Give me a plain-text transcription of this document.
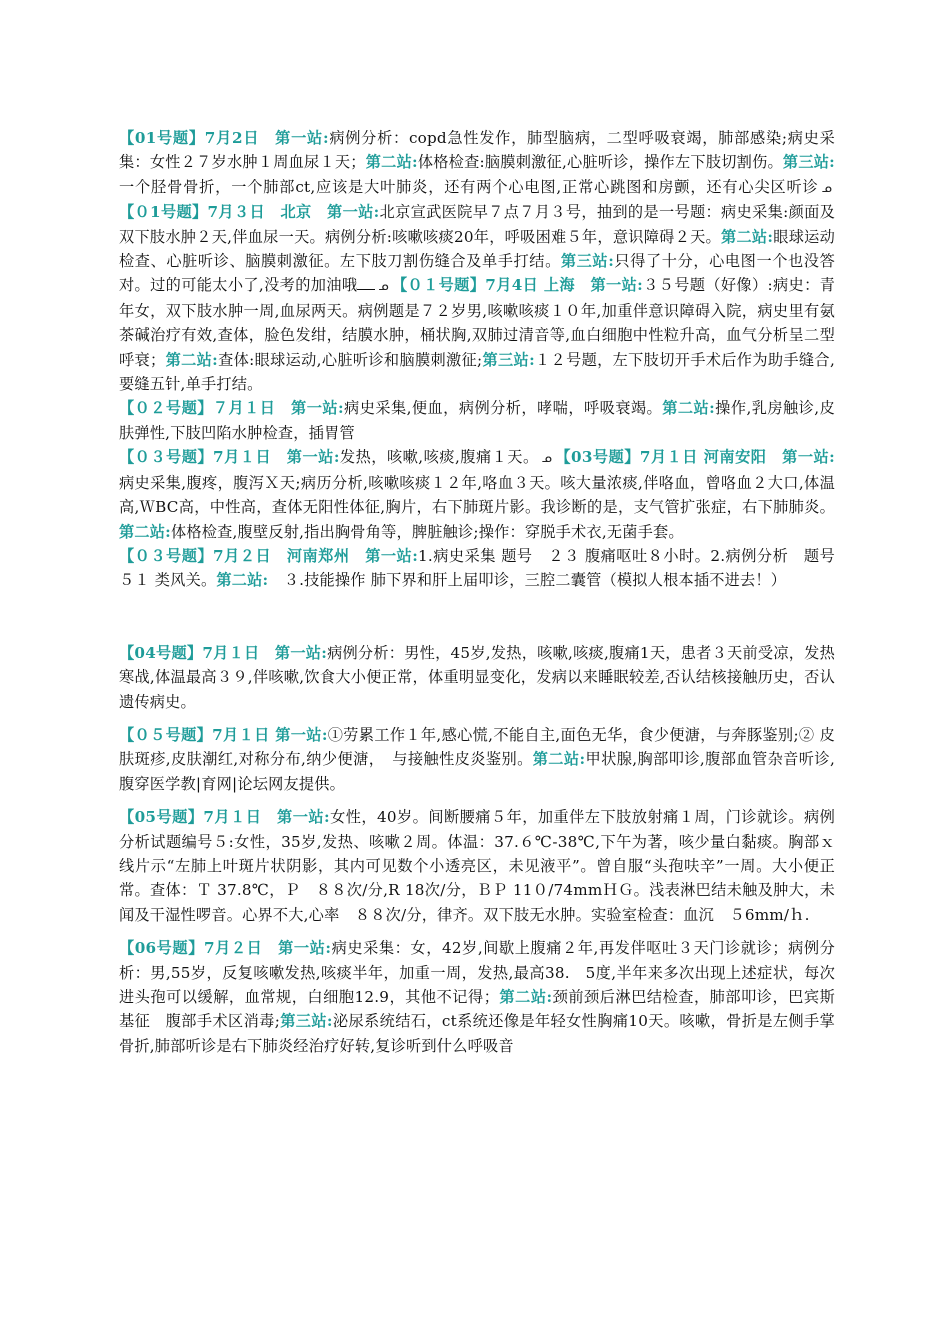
【01号题】7月2日　第一站:病例分析：copd急性发作，肺型脑病，二型呼吸衰竭，肺部感染;病史采集：女性２７岁水肿１周血尿１天；第二站:体格检查:脑膜刺激征,心脏听诊，操作左下肢切割伤。第三站:一个胫骨骨折，一个肺部ct,应该是大叶肺炎，还有两个心电图,正常心跳图和房颤，还有心尖区听诊 ᓄ【０1号题】7月３日　北京　第一站:北京宣武医院早７点７月３号，抽到的是一号题：病史采集:颜面及双下肢水肿２天,伴血尿一天。病例分析:咳嗽咳痰20年，呼吸困难５年，意识障碍２天。第二站:眼球运动检查、心脏听诊、脑膜刺激征。左下肢刀割伤缝合及单手打结。第三站:只得了十分，心电图一个也没答对。过的可能太小了,没考的加油哦 ᓄ 【０１号题】7月4日 上海　第一站:３５号题（好像）:病史：青年女，双下肢水肿一周,血尿两天。病例题是７２岁男,咳嗽咳痰１０年,加重伴意识障碍入院，病史里有氨茶碱治疗有效,查体，脸色发绀，结膜水肿，桶状胸,双肺过清音等,血白细胞中性粒升高，血气分析呈二型呼衰；第二站:查体:眼球运动,心脏听诊和脑膜刺激征;第三站:１２号题，左下肢切开手术后作为助手缝合,要缝五针,单手打结。

【０２号题】７月１日　第一站:病史采集,便血，病例分析，哮喘，呼吸衰竭。第二站:操作,乳房触诊,皮肤弹性,下肢凹陷水肿检查，插胃管

【０３号题】7月１日　第一站:发热，咳嗽,咳痰,腹痛１天。 ᓄ 【03号题】7月１日 河南安阳　第一站:病史采集,腹疼，腹泻Ｘ天;病历分析,咳嗽咳痰１２年,咯血３天。咳大量浓痰,伴咯血，曾咯血２大口,体温高,ＷBC高，中性高，查体无阳性体征,胸片，右下肺斑片影。我诊断的是，支气管扩张症，右下肺肺炎。第二站:体格检查,腹壁反射,指出胸骨角等，脾脏触诊;操作：穿脱手术衣,无菌手套。

【０３号题】7月２日　河南郑州　第一站:1.病史采集 题号　２３ 腹痛呕吐８小时。2.病例分析　题号　 ５１ 类风关。第二站:　３.技能操作 肺下界和肝上届叩诊，三腔二囊管（模拟人根本插不进去！）

【04号题】7月１日　第一站:病例分析：男性，45岁,发热，咳嗽,咳痰,腹痛1天，患者３天前受凉，发热寒战,体温最高３９,伴咳嗽,饮食大小便正常，体重明显变化，发病以来睡眠较差,否认结核接触历史，否认遗传病史。

【０５号题】7月１日 第一站:①劳累工作１年,感心慌,不能自主,面色无华，食少便溏，与奔豚鉴别;② 皮肤斑疹,皮肤潮红,对称分布,纳少便溏，　与接触性皮炎鉴别。第二站:甲状腺,胸部叩诊,腹部血管杂音听诊,腹穿医学教|育网|论坛网友提供。

【05号题】7月１日　第一站:女性，40岁。间断腰痛５年，加重伴左下肢放射痛１周，门诊就诊。病例分析试题编号５:女性，35岁,发热、咳嗽２周。体温：37.６℃-38℃,下午为著，咳少量白黏痰。胸部ｘ线片示“左肺上叶斑片状阴影，其内可见数个小透亮区，未见液平”。曾自服“头孢呋辛”一周。大小便正常。查体：Ｔ 37.8℃，Ｐ　８８次/分,R 18次/分，ＢＰ 11０/74mmＨＧ。浅表淋巴结未触及肿大，未闻及干湿性啰音。心界不大,心率　８８次/分，律齐。双下肢无水肿。实验室检查：血沉　５6mm/ｈ.

【06号题】7月２日　第一站:病史采集：女，42岁,间歇上腹痛２年,再发伴呕吐３天门诊就诊；病例分析：男,55岁，反复咳嗽发热,咳痰半年，加重一周，发热,最高38.　5度,半年来多次出现上述症状，每次进头孢可以缓解，血常规，白细胞12.9，其他不记得；第二站:颈前颈后淋巴结检查，肺部叩诊，巴宾斯基征　腹部手术区消毒;第三站:泌尿系统结石，ct系统还像是年轻女性胸痛10天。咳嗽，骨折是左侧手掌骨折,肺部听诊是右下肺炎经治疗好转,复诊听到什么呼吸音
